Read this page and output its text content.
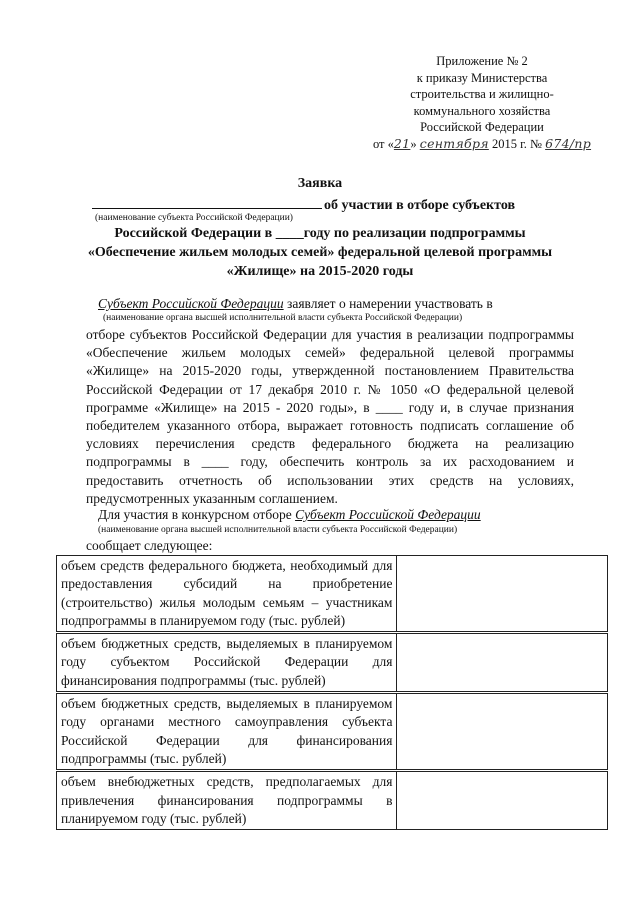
Приложение № 2
к приказу Министерства
строительства и жилищно-
коммунального хозяйства
Российской Федерации
от «21» сентября 2015 г. № 674/пр
Заявка
об участии в отборе субъектов
(наименование субъекта Российской Федерации)
Российской Федерации в ____году по реализации подпрограммы
«Обеспечение жильем молодых семей» федеральной целевой программы
«Жилище» на 2015-2020 годы
Субъект Российской Федерации заявляет о намерении участвовать в
(наименование органа высшей исполнительной власти субъекта Российской Федерации)
отборе субъектов Российской Федерации для участия в реализации подпрограммы «Обеспечение жильем молодых семей» федеральной целевой программы «Жилище» на 2015-2020 годы, утвержденной постановлением Правительства Российской Федерации от 17 декабря 2010 г. № 1050 «О федеральной целевой программе «Жилище» на 2015 - 2020 годы», в ____ году и, в случае признания победителем указанного отбора, выражает готовность подписать соглашение об условиях перечисления средств федерального бюджета на реализацию подпрограммы в ____ году, обеспечить контроль за их расходованием и предоставить отчетность об использовании этих средств на условиях, предусмотренных указанным соглашением.
Для участия в конкурсном отборе Субъект Российской Федерации
(наименование органа высшей исполнительной власти субъекта Российской Федерации)
сообщает следующее:
объем средств федерального бюджета, необходимый для предоставления субсидий на приобретение (строительство) жилья молодым семьям – участникам подпрограммы в планируемом году (тыс. рублей)	
объем бюджетных средств, выделяемых в планируемом году субъектом Российской Федерации для финансирования подпрограммы (тыс. рублей)	
объем бюджетных средств, выделяемых в планируемом году органами местного самоуправления субъекта Российской Федерации для финансирования подпрограммы (тыс. рублей)	
объем внебюджетных средств, предполагаемых для привлечения финансирования подпрограммы в планируемом году (тыс. рублей)	
